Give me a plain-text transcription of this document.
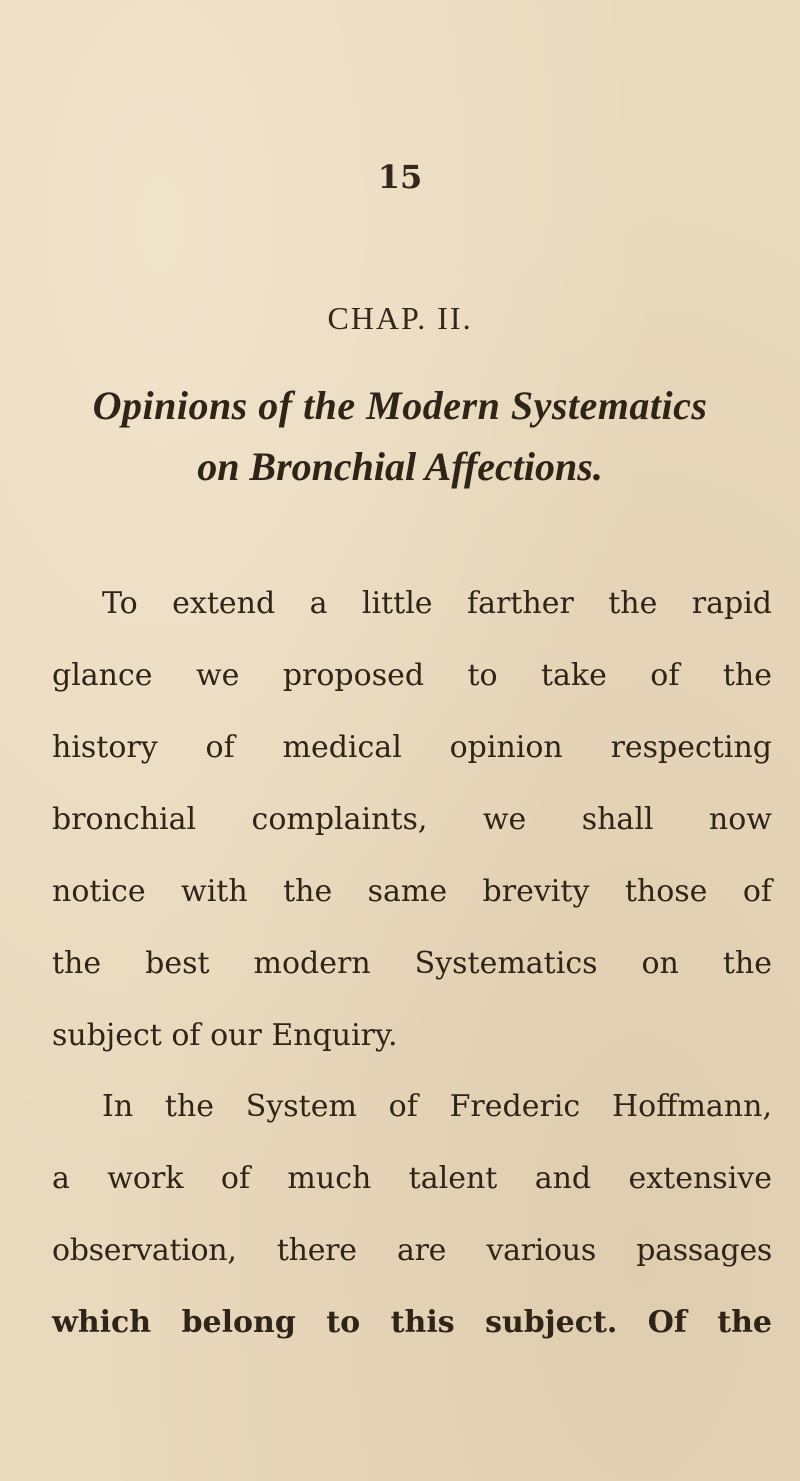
15
CHAP. II.
Opinions of the Modern Systematics
on Bronchial Affections.
To extend a little farther the rapid
glance we proposed to take of the
history of medical opinion respecting
bronchial complaints, we shall now
notice with the same brevity those of
the best modern Systematics on the
subject of our Enquiry.
In the System of Frederic Hoffmann,
a work of much talent and extensive
observation, there are various passages
which belong to this subject. Of the
